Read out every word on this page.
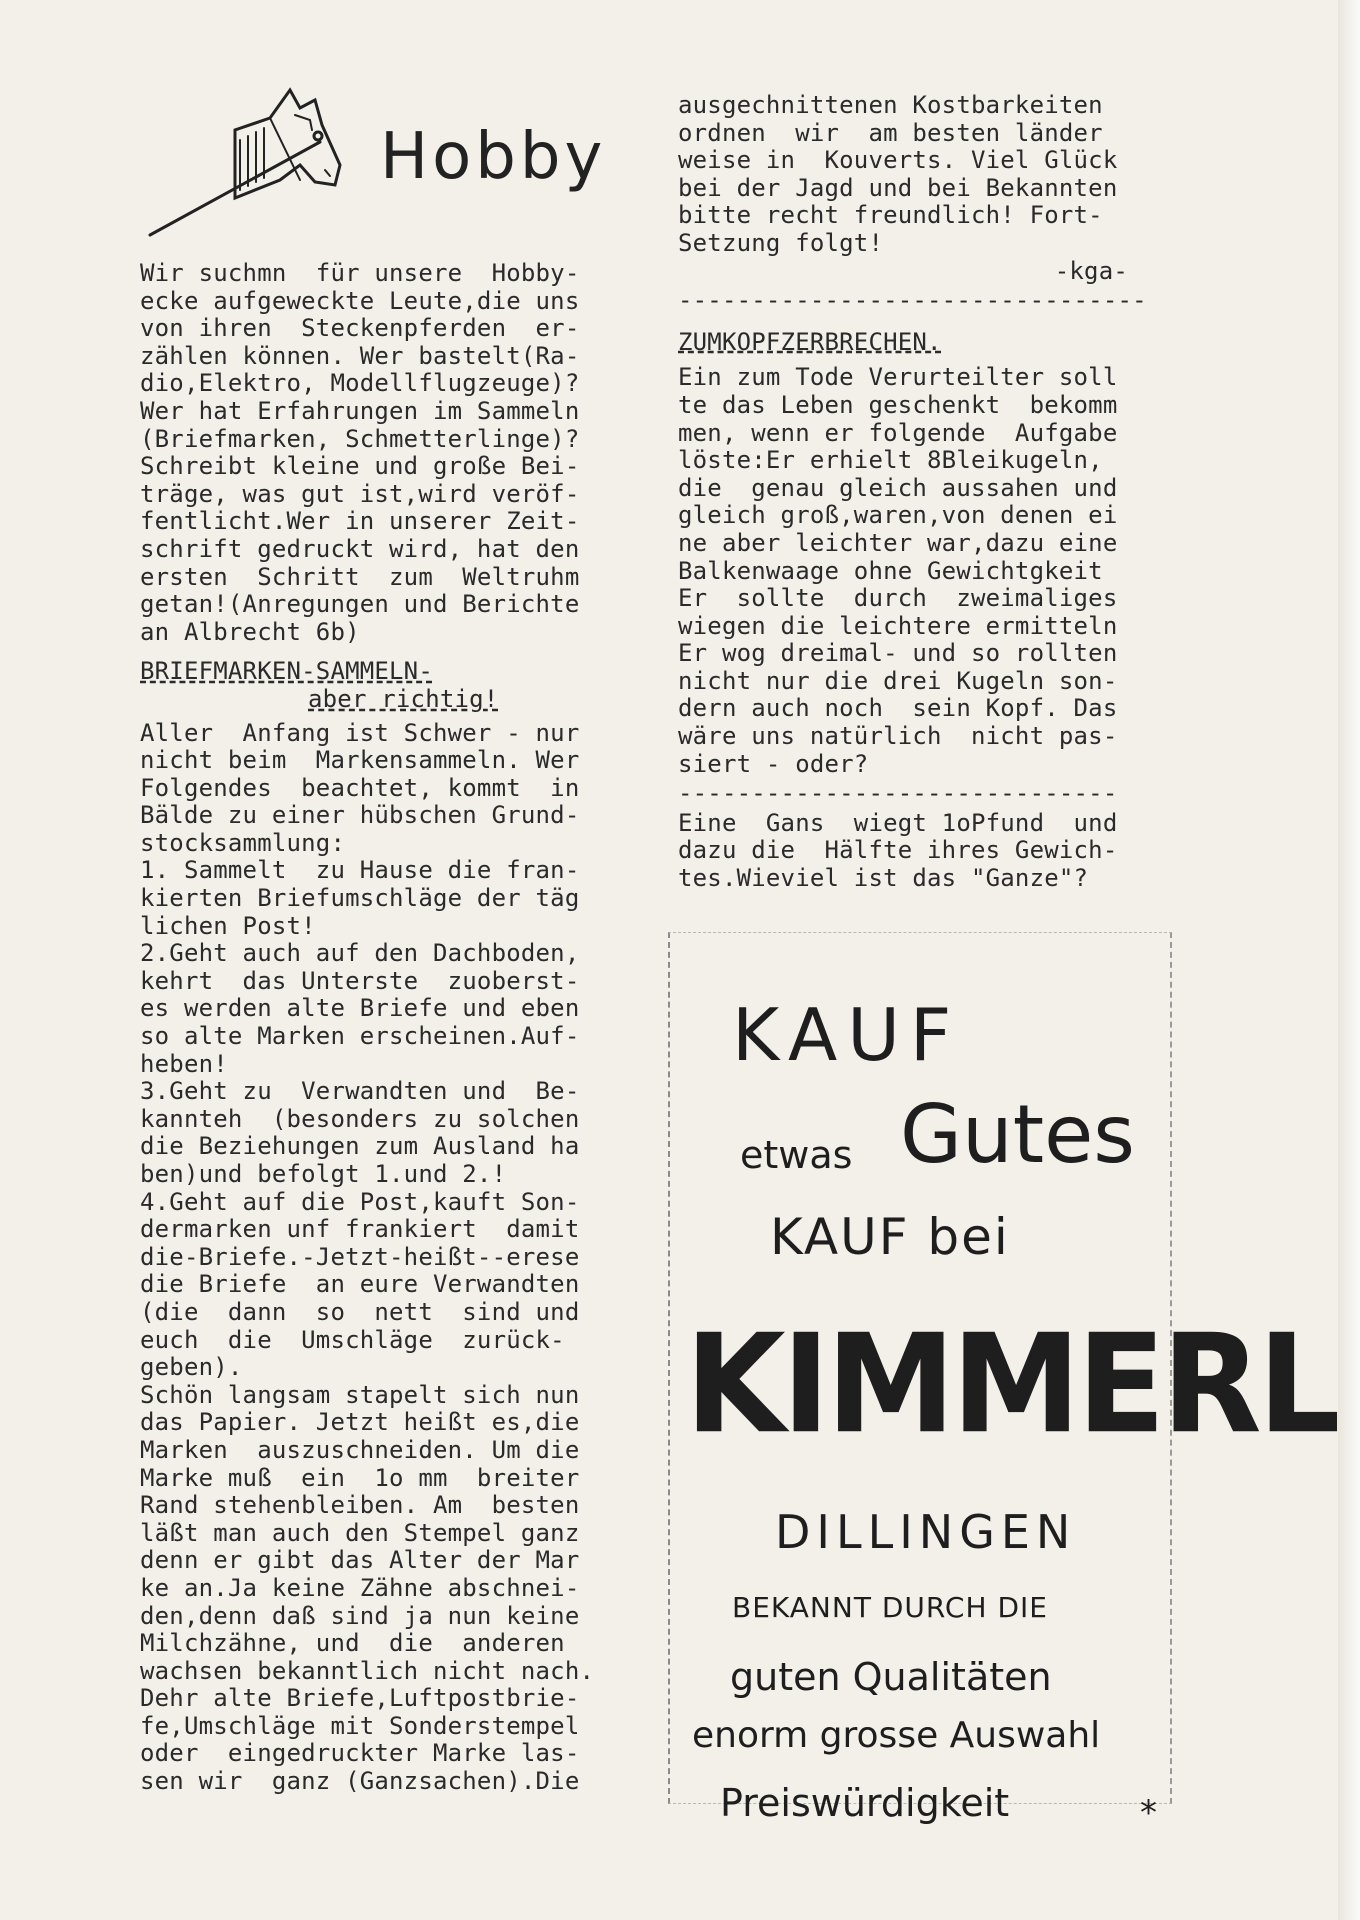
Hobby

Wir suchmn  für unsere  Hobby-

ecke aufgeweckte Leute,die uns

von ihren  Steckenpferden  er-

zählen können. Wer bastelt(Ra-

dio,Elektro, Modellflugzeuge)?

Wer hat Erfahrungen im Sammeln

(Briefmarken, Schmetterlinge)?

Schreibt kleine und große Bei-

träge, was gut ist,wird veröf-

fentlicht.Wer in unserer Zeit-

schrift gedruckt wird, hat den

ersten  Schritt  zum  Weltruhm

getan!(Anregungen und Berichte

an Albrecht 6b)

BRIEFMARKEN-SAMMELN-

aber richtig!

Aller  Anfang ist Schwer - nur

nicht beim  Markensammeln. Wer

Folgendes  beachtet, kommt  in

Bälde zu einer hübschen Grund-

stocksammlung:

1. Sammelt  zu Hause die fran-

kierten Briefumschläge der täg

lichen Post!

2.Geht auch auf den Dachboden,

kehrt  das Unterste  zuoberst-

es werden alte Briefe und eben

so alte Marken erscheinen.Auf-

heben!

3.Geht zu  Verwandten und  Be-

kannteh  (besonders zu solchen

die Beziehungen zum Ausland ha

ben)und befolgt 1.und 2.!

4.Geht auf die Post,kauft Son-

dermarken unf frankiert  damit

die-Briefe.-Jetzt-heißt--erese

die Briefe  an eure Verwandten

(die  dann  so  nett  sind und

euch  die  Umschläge  zurück-

geben).

Schön langsam stapelt sich nun

das Papier. Jetzt heißt es,die

Marken  auszuschneiden. Um die

Marke muß  ein  1o mm  breiter

Rand stehenbleiben. Am  besten

läßt man auch den Stempel ganz

denn er gibt das Alter der Mar

ke an.Ja keine Zähne abschnei-

den,denn daß sind ja nun keine

Milchzähne, und  die  anderen

wachsen bekanntlich nicht nach.

Dehr alte Briefe,Luftpostbrie-

fe,Umschläge mit Sonderstempel

oder  eingedruckter Marke las-

sen wir  ganz (Ganzsachen).Die

ausgechnittenen Kostbarkeiten

ordnen  wir  am besten länder

weise in  Kouverts. Viel Glück

bei der Jagd und bei Bekannten

bitte recht freundlich! Fort-

Setzung folgt!

-kga-

--------------------------------

ZUMKOPFZERBRECHEN.

Ein zum Tode Verurteilter soll

te das Leben geschenkt  bekomm

men, wenn er folgende  Aufgabe

löste:Er erhielt 8Bleikugeln,

die  genau gleich aussahen und

gleich groß,waren,von denen ei

ne aber leichter war,dazu eine

Balkenwaage ohne Gewichtgkeit

Er  sollte  durch  zweimaliges

wiegen die leichtere ermitteln

Er wog dreimal- und so rollten

nicht nur die drei Kugeln son-

dern auch noch  sein Kopf. Das

wäre uns natürlich  nicht pas-

siert - oder?

------------------------------

Eine  Gans  wiegt 1oPfund  und

dazu die  Hälfte ihres Gewich-

tes.Wieviel ist das "Ganze"?

KAUF
etwas Gutes
KAUF bei
KIMMERL
DILLINGEN
BEKANNT DURCH DIE
guten Qualitäten
enorm grosse Auswahl
Preiswürdigkeit	*
